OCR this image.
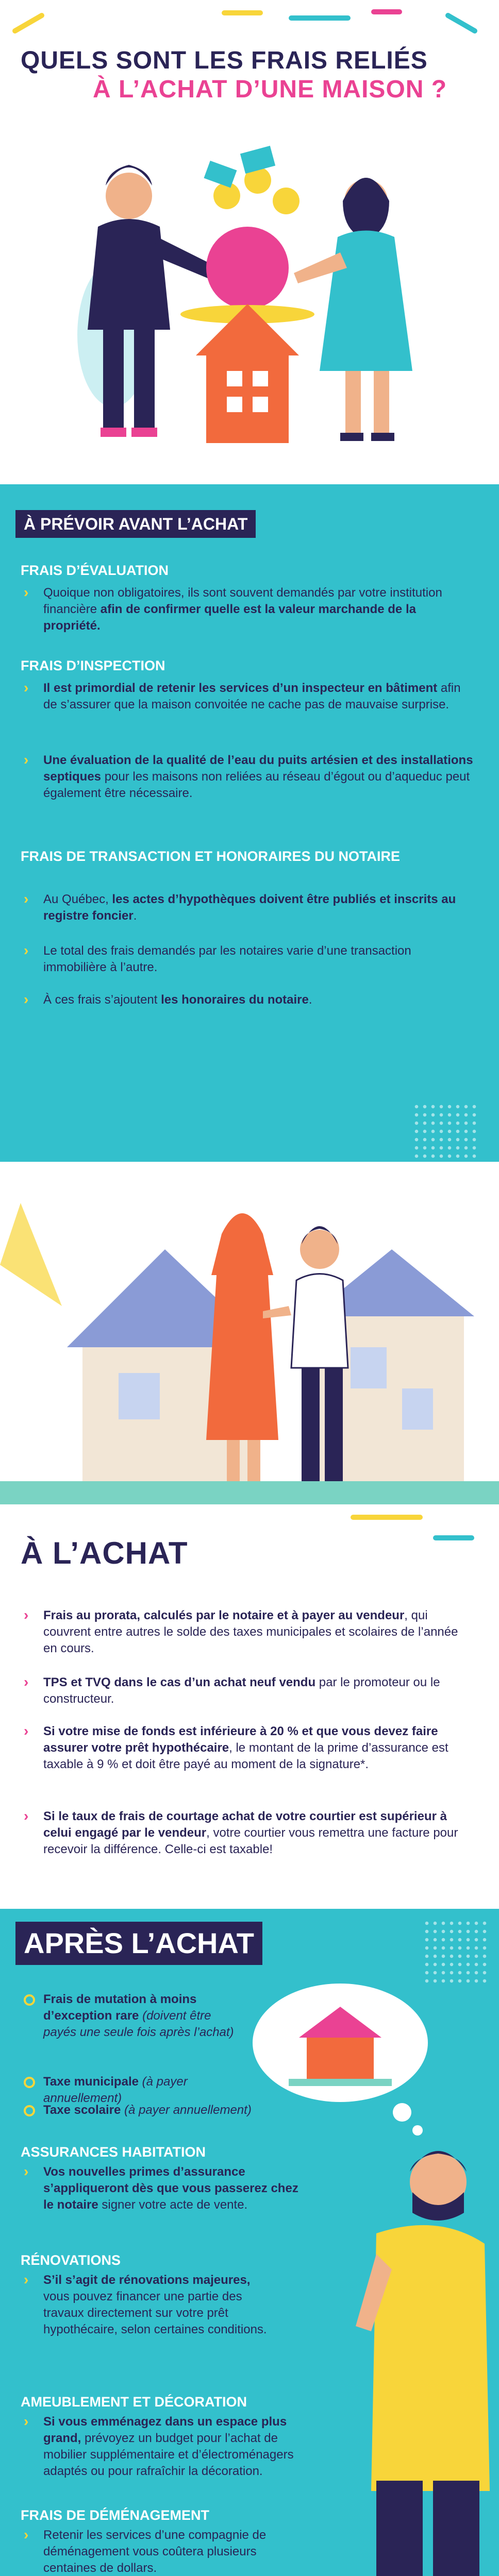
QUELS SONT LES FRAIS RELIÉS
À L’ACHAT D’UNE MAISON ?
À PRÉVOIR AVANT L’ACHAT
FRAIS D’ÉVALUATION
›	Quoique non obligatoires, ils sont souvent demandés par votre institution financière afin de confirmer quelle est la valeur marchande de la propriété.
FRAIS D’INSPECTION
›	Il est primordial de retenir les services d’un inspecteur en bâtiment afin de s’assurer que la maison convoitée ne cache pas de mauvaise surprise.
›	Une évaluation de la qualité de l’eau du puits artésien et des installations septiques pour les maisons non reliées au réseau d’égout ou d’aqueduc peut également être nécessaire.
FRAIS DE TRANSACTION ET HONORAIRES DU NOTAIRE
›	Au Québec, les actes d’hypothèques doivent être publiés et inscrits au registre foncier.
›	Le total des frais demandés par les notaires varie d’une transaction immobilière à l’autre.
›	À ces frais s’ajoutent les honoraires du notaire.
À L’ACHAT
›	Frais au prorata, calculés par le notaire et à payer au vendeur, qui couvrent entre autres le solde des taxes municipales et scolaires de l’année en cours.
›	TPS et TVQ dans le cas d’un achat neuf vendu par le promoteur ou le constructeur.
›	Si votre mise de fonds est inférieure à 20 % et que vous devez faire assurer votre prêt hypothécaire, le montant de la prime d’assurance est taxable à 9 % et doit être payé au moment de la signature*.
›	Si le taux de frais de courtage achat de votre courtier est supérieur à celui engagé par le vendeur, votre courtier vous remettra une facture pour recevoir la différence. Celle-ci est taxable!
APRÈS L’ACHAT
Frais de mutation à moins d’exception rare (doivent être payés une seule fois après l’achat)
Taxe municipale (à payer annuellement)
Taxe scolaire (à payer annuellement)
ASSURANCES HABITATION
›	Vos nouvelles primes d’assurance s’appliqueront dès que vous passerez chez le notaire signer votre acte de vente.
RÉNOVATIONS
›	S’il s’agit de rénovations majeures, vous pouvez financer une partie des travaux directement sur votre prêt hypothécaire, selon certaines conditions.
AMEUBLEMENT ET DÉCORATION
›	Si vous emménagez dans un espace plus grand, prévoyez un budget pour l’achat de mobilier supplémentaire et d’électroménagers adaptés ou pour rafraîchir la décoration.
FRAIS DE DÉMÉNAGEMENT
›	Retenir les services d’une compagnie de déménagement vous coûtera plusieurs centaines de dollars.
